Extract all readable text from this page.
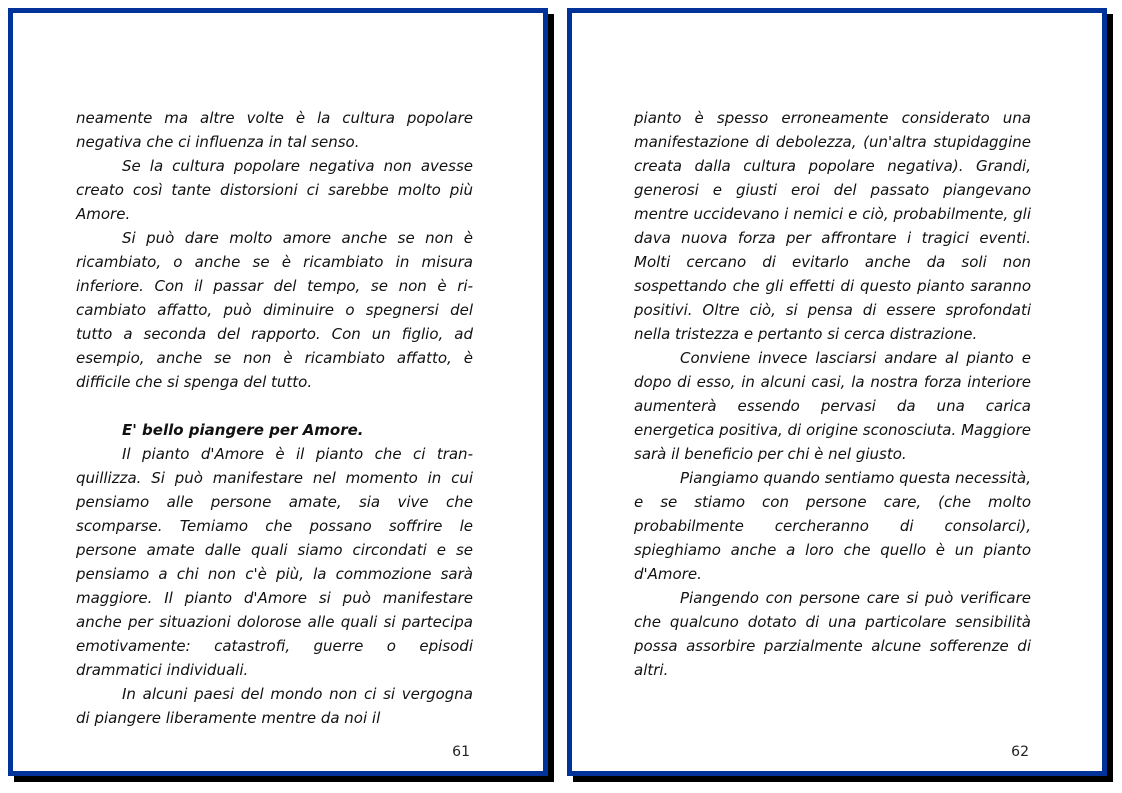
neamente ma altre volte è la cultura popolare negativa che ci influenza in tal senso.

Se la cultura popolare negativa non avesse creato così tante distorsioni ci sarebbe molto più Amore.

Si può dare molto amore anche se non è ricambiato, o anche se è ricambiato in misura inferiore. Con il passar del tempo, se non è ricambiato affatto, può diminuire o spegnersi del tutto a seconda del rapporto. Con un figlio, ad esempio, anche se non è ricambiato affatto, è difficile che si spenga del tutto.

E' bello piangere per Amore.

Il pianto d'Amore è il pianto che ci tranquillizza. Si può manifestare nel momento in cui pensiamo alle persone amate, sia vive che scomparse. Temiamo che possano soffrire le persone amate dalle quali siamo circondati e se pensiamo a chi non c'è più, la commozione sarà maggiore. Il pianto d'Amore si può manifestare anche per situazioni dolorose alle quali si partecipa emotivamente: catastrofi, guerre o episodi drammatici individuali.

In alcuni paesi del mondo non ci si vergogna di piangere liberamente mentre da noi il

61

pianto è spesso erroneamente considerato una manifestazione di debolezza, (un'altra stupidaggine creata dalla cultura popolare negativa). Grandi, generosi e giusti eroi del passato piangevano mentre uccidevano i nemici e ciò, probabilmente, gli dava nuova forza per affrontare i tragici eventi. Molti cercano di evitarlo anche da soli non sospettando che gli effetti di questo pianto saranno positivi. Oltre ciò, si pensa di essere sprofondati nella tristezza e pertanto si cerca distrazione.

Conviene invece lasciarsi andare al pianto e dopo di esso, in alcuni casi, la nostra forza interiore aumenterà essendo pervasi da una carica energetica positiva, di origine sconosciuta. Maggiore sarà il beneficio per chi è nel giusto.

Piangiamo quando sentiamo questa necessità, e se stiamo con persone care, (che molto probabilmente cercheranno di consolarci), spieghiamo anche a loro che quello è un pianto d'Amore.

Piangendo con persone care si può verificare che qualcuno dotato di una particolare sensibilità possa assorbire parzialmente alcune sofferenze di altri.

62
